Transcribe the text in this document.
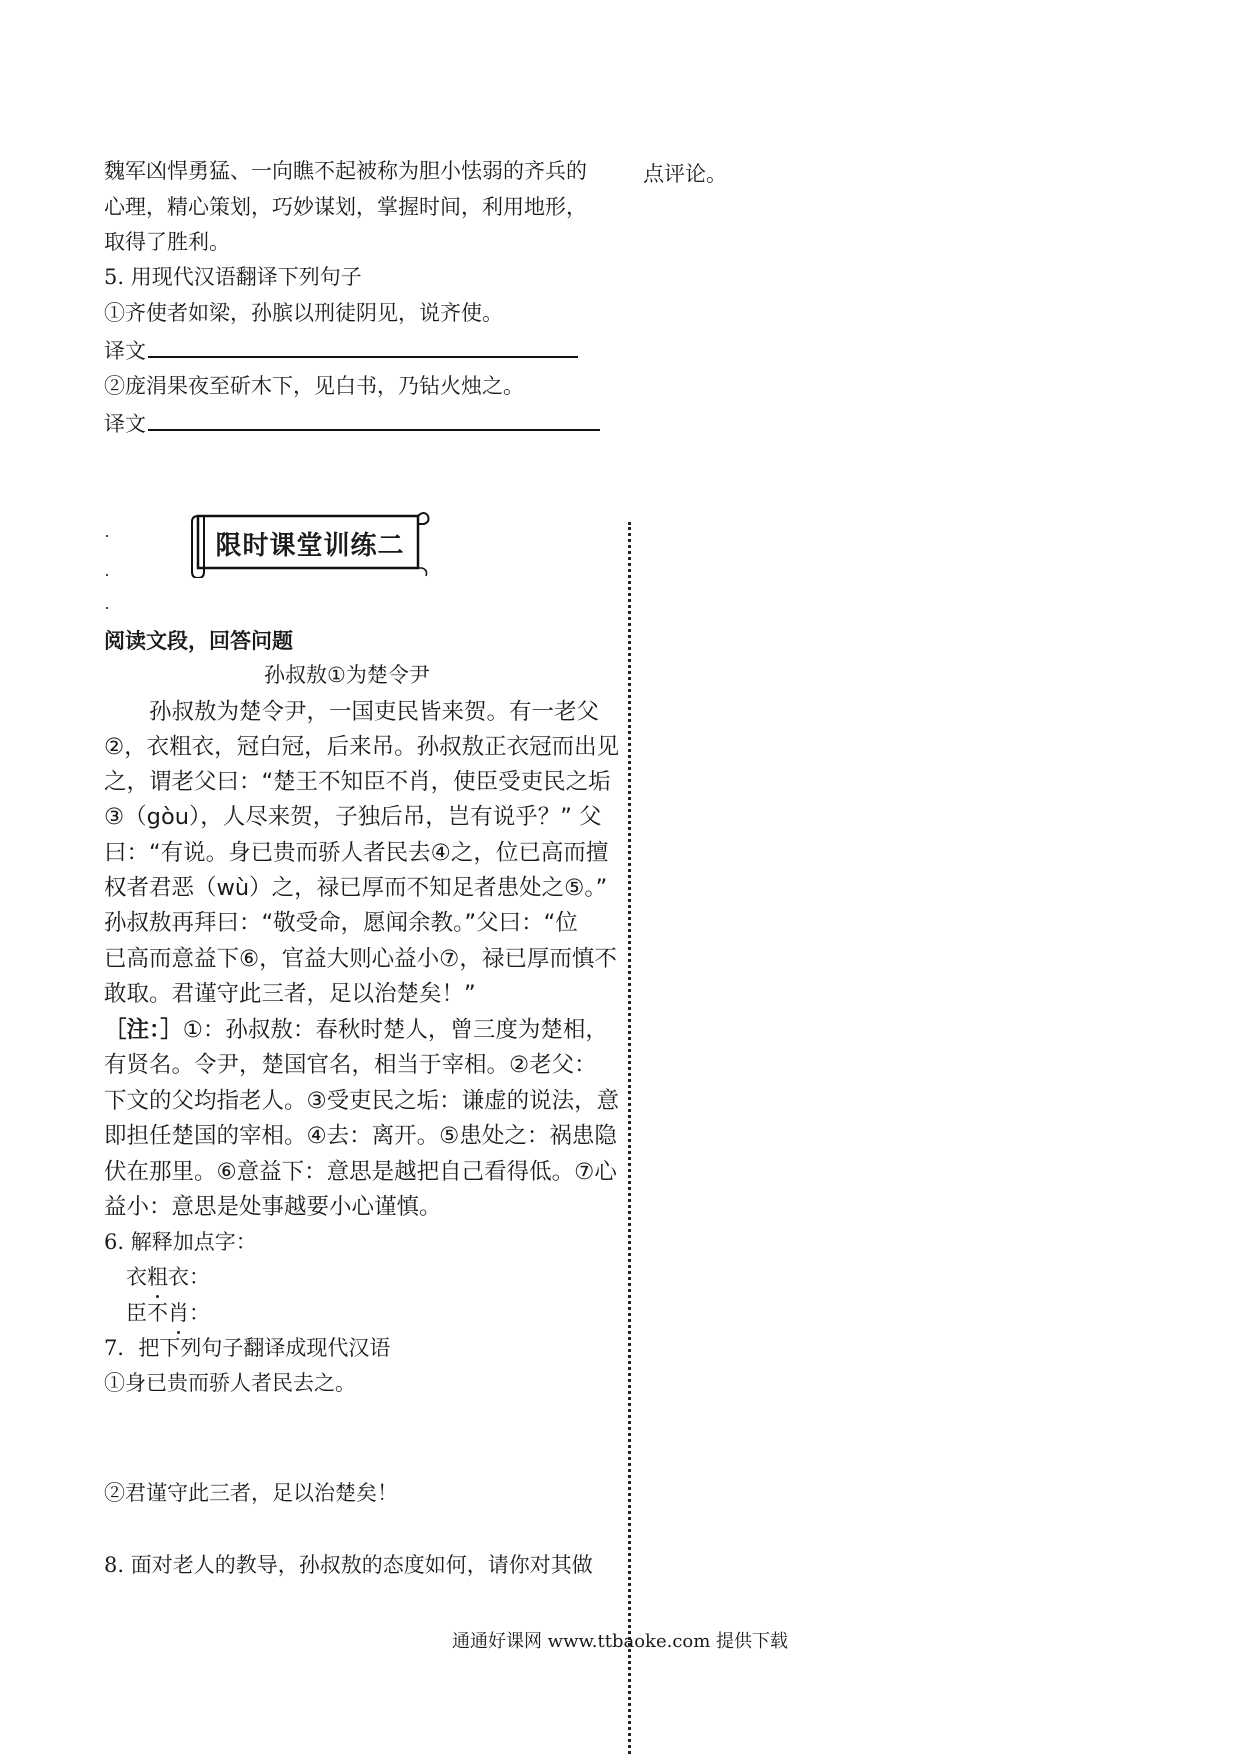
魏军凶悍勇猛、一向瞧不起被称为胆小怯弱的齐兵的
心理，精心策划，巧妙谋划，掌握时间，利用地形，
取得了胜利。
5. 用现代汉语翻译下列句子
①齐使者如梁，孙膑以刑徒阴见，说齐使。
译文
②庞涓果夜至斫木下，见白书，乃钻火烛之。
译文
点评论。
限时课堂训练二
阅读文段，回答问题
孙叔敖①为楚令尹
　　孙叔敖为楚令尹，一国吏民皆来贺。有一老父
②，衣粗衣，冠白冠，后来吊。孙叔敖正衣冠而出见
之，谓老父曰：“楚王不知臣不肖，使臣受吏民之垢
③（gòu），人尽来贺，子独后吊，岂有说乎？” 父
曰：“有说。身已贵而骄人者民去④之，位已高而擅
权者君恶（wù）之，禄已厚而不知足者患处之⑤。”
孙叔敖再拜曰：“敬受命，愿闻余教。”父曰：“位
已高而意益下⑥，官益大则心益小⑦，禄已厚而慎不
敢取。君谨守此三者，足以治楚矣！”
［注：］①：孙叔敖：春秋时楚人，曾三度为楚相，
有贤名。令尹，楚国官名，相当于宰相。②老父：
下文的父均指老人。③受吏民之垢：谦虚的说法，意
即担任楚国的宰相。④去：离开。⑤患处之：祸患隐
伏在那里。⑥意益下：意思是越把自己看得低。⑦心
益小：意思是处事越要小心谨慎。
6. 解释加点字：
衣粗衣：
臣不肖：
7．把下列句子翻译成现代汉语
①身已贵而骄人者民去之。
②君谨守此三者，足以治楚矣！
8. 面对老人的教导，孙叔敖的态度如何，请你对其做
通通好课网 www.ttbaoke.com 提供下载
